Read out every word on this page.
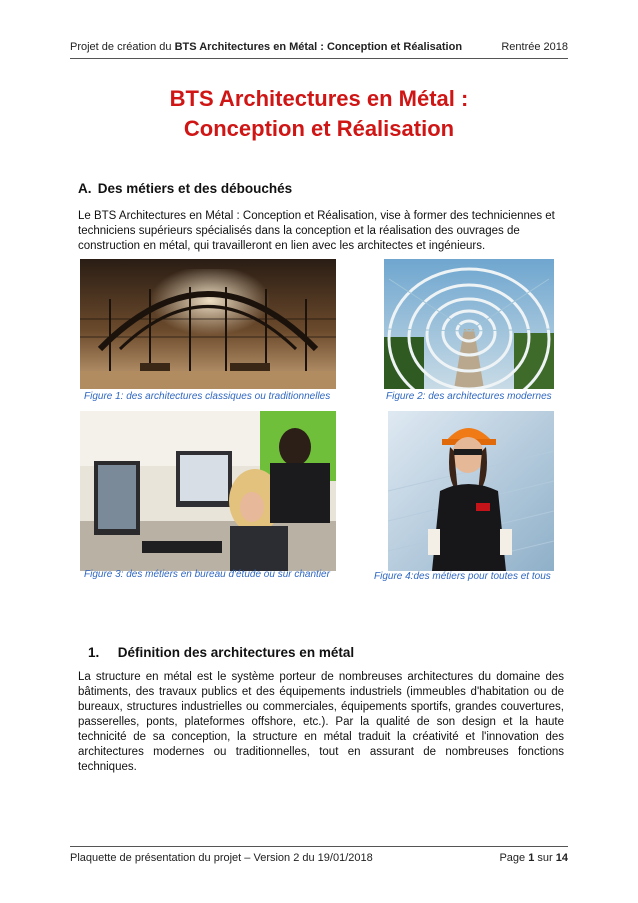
Projet de création du BTS Architectures en Métal : Conception et Réalisation	Rentrée 2018
BTS Architectures en Métal :
Conception et Réalisation
A. Des métiers et des débouchés
Le BTS Architectures en Métal : Conception et Réalisation, vise à former des techniciennes et techniciens supérieurs spécialisés dans la conception et la réalisation des ouvrages de construction en métal, qui travailleront en lien avec les architectes et ingénieurs.
Figure 1: des architectures classiques ou traditionnelles	Figure 2: des architectures modernes
Figure 3: des métiers en bureau d'étude ou sur chantier	Figure 4:des métiers pour toutes et tous
1. Définition des architectures en métal
La structure en métal est le système porteur de nombreuses architectures du domaine des bâtiments, des travaux publics et des équipements industriels (immeubles d'habitation ou de bureaux, structures industrielles ou commerciales, équipements sportifs, grandes couvertures, passerelles, ponts, plateformes offshore, etc.). Par la qualité de son design et la haute technicité de sa conception, la structure en métal traduit la créativité et l'innovation des architectures modernes ou traditionnelles, tout en assurant de nombreuses fonctions techniques.
Plaquette de présentation du projet – Version 2 du 19/01/2018	Page 1 sur 14
